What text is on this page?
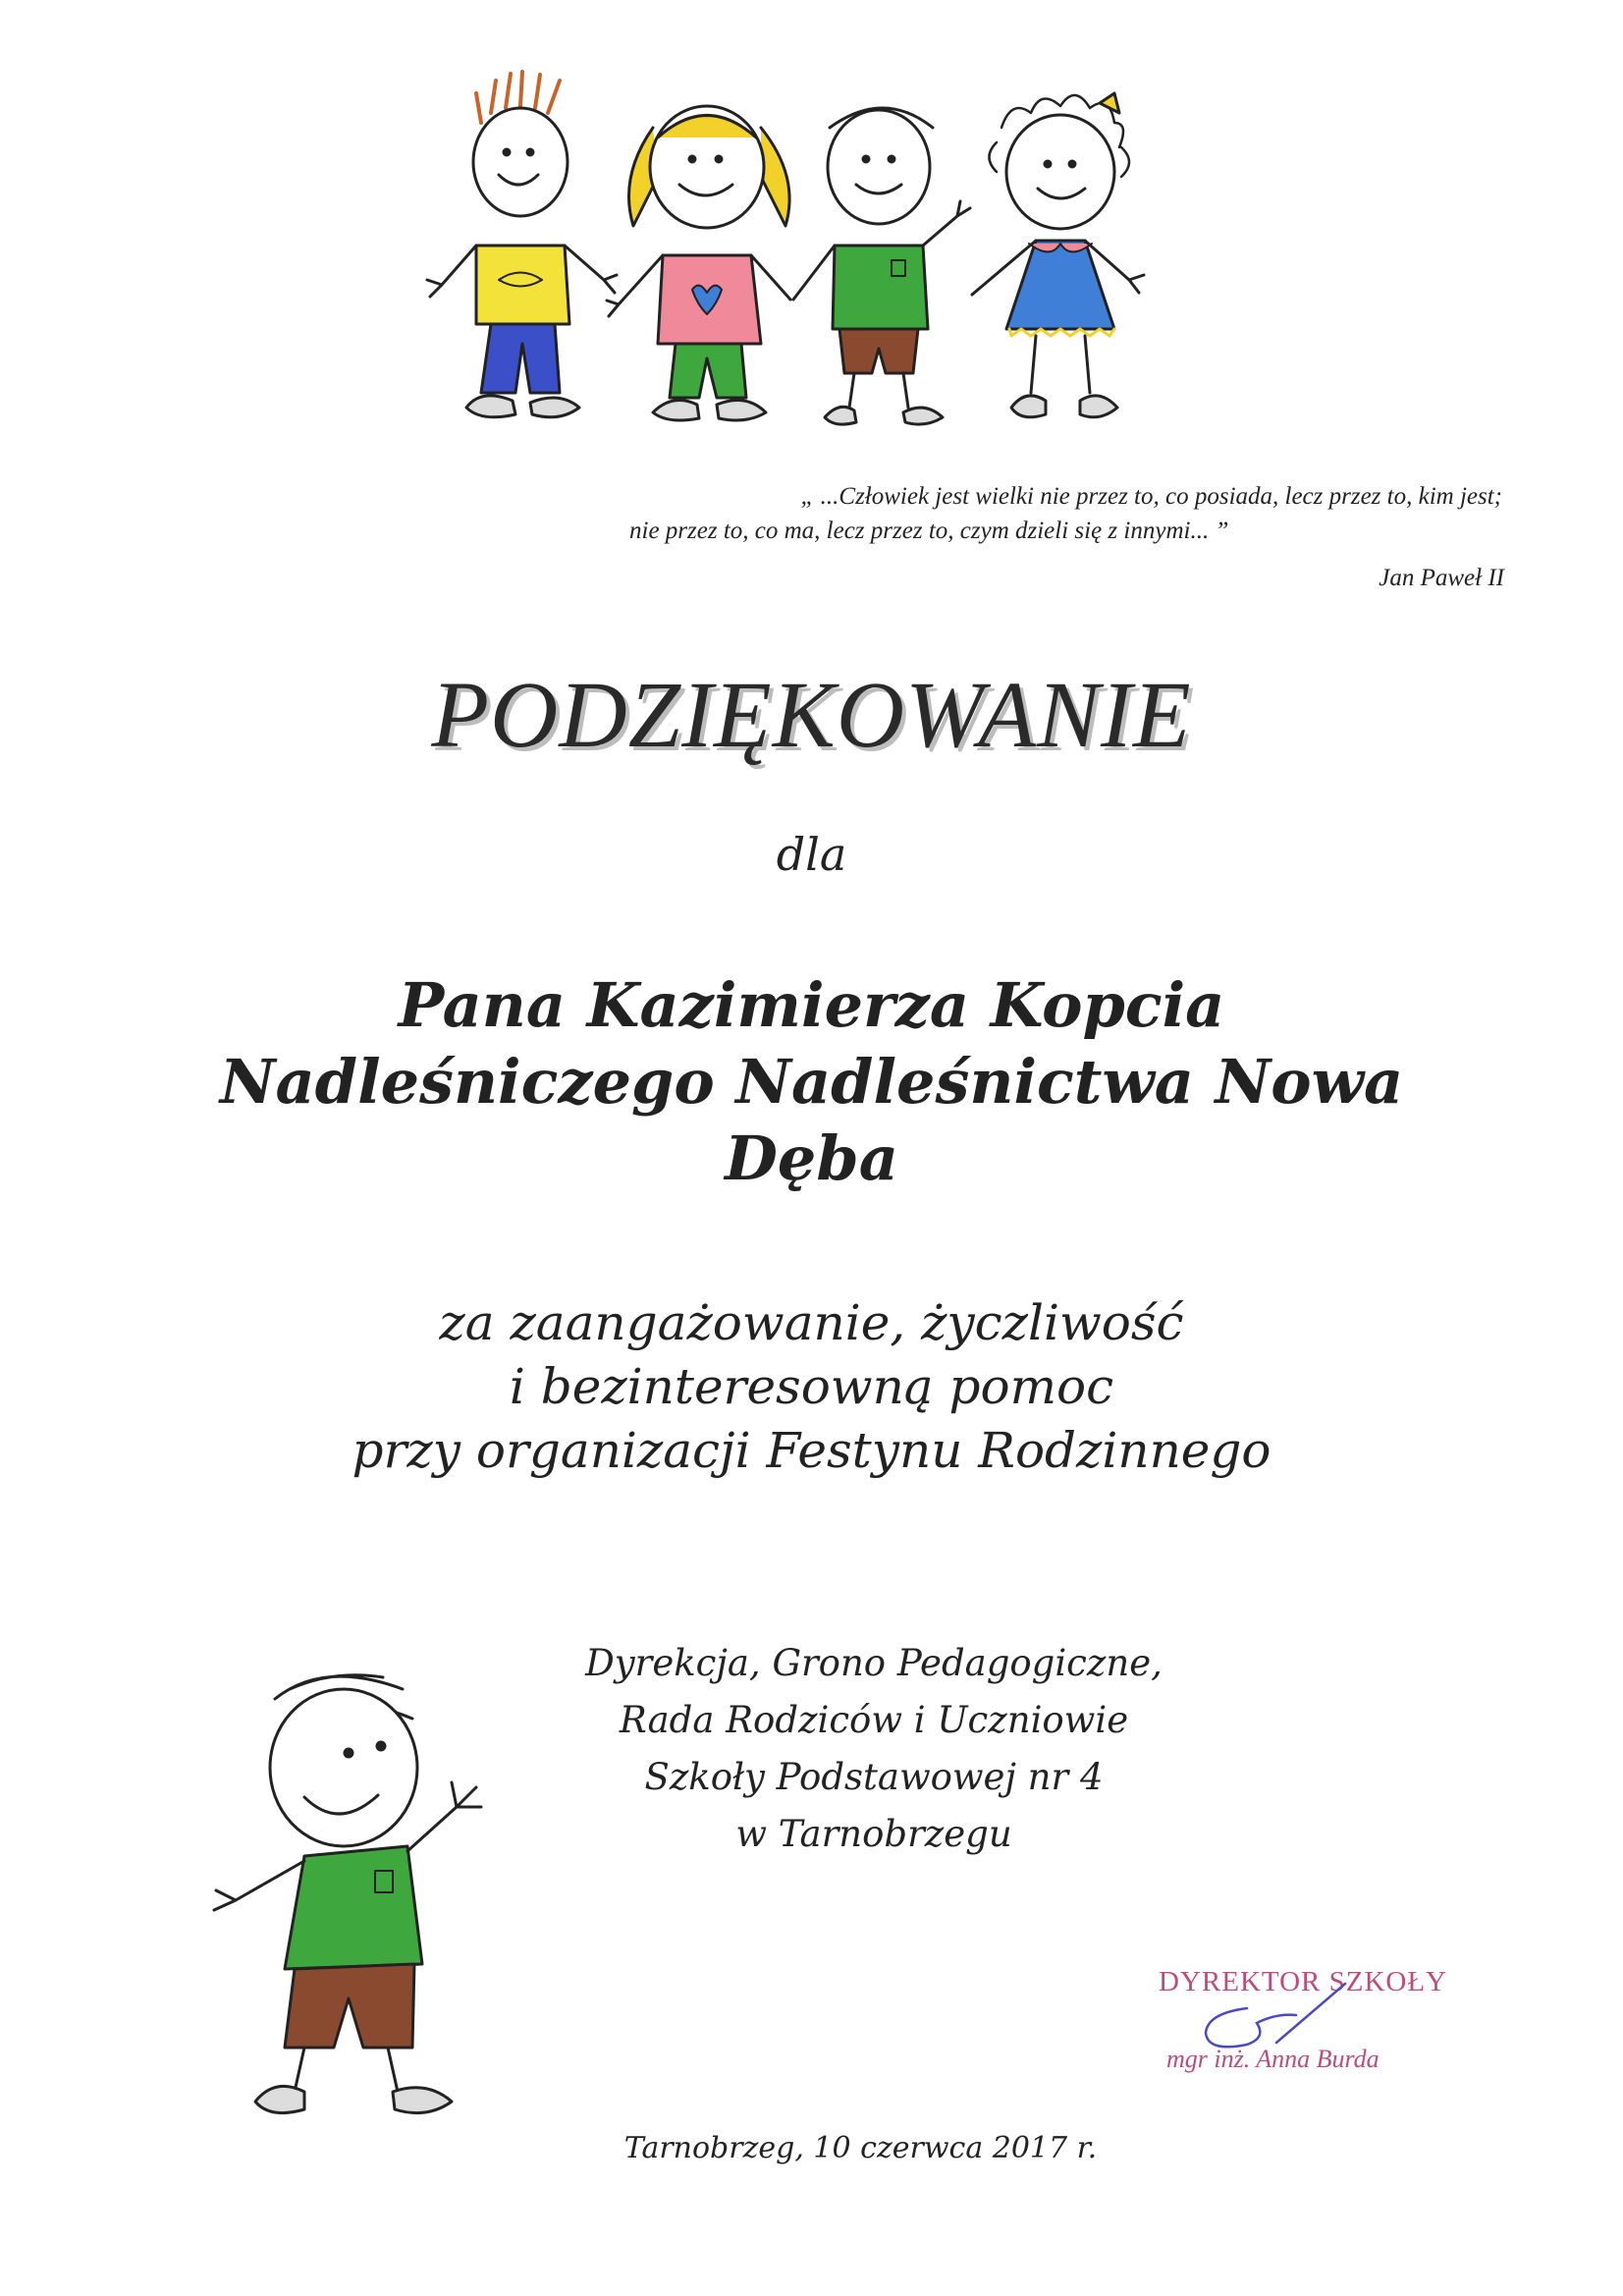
„ ...Człowiek jest wielki nie przez to, co posiada, lecz przez to, kim jest;
nie przez to, co ma, lecz przez to, czym dzieli się z innymi... ”
Jan Paweł II
PODZIĘKOWANIE
dla
Pana Kazimierza Kopcia
Nadleśniczego Nadleśnictwa Nowa
Dęba
za zaangażowanie, życzliwość
i bezinteresowną pomoc
przy organizacji Festynu Rodzinnego
Dyrekcja, Grono Pedagogiczne,
Rada Rodziców i Uczniowie
Szkoły Podstawowej nr 4
w Tarnobrzegu
DYREKTOR SZKOŁY
mgr inż. Anna Burda
Tarnobrzeg, 10 czerwca 2017 r.
